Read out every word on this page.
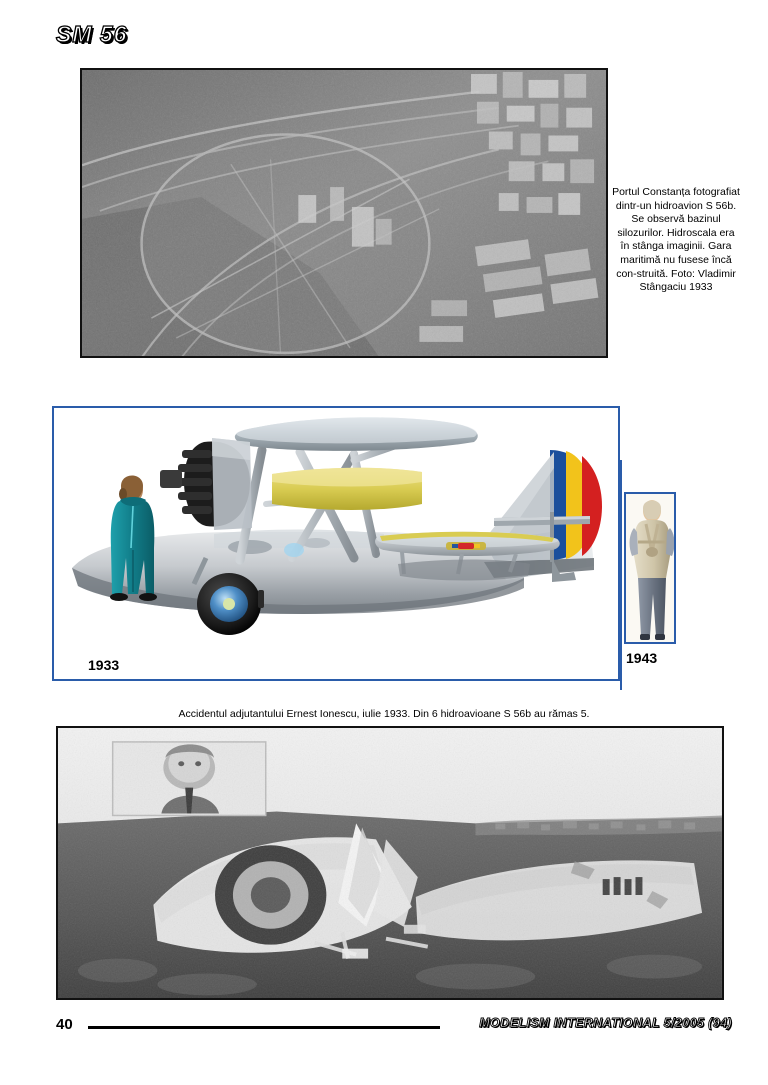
SM 56
Portul Constanța fotografiat dintr-un hidroavion S 56b. Se observă bazinul silozurilor. Hidroscala era în stânga imaginii. Gara maritimă nu fusese încă con-struită. Foto: Vladimir Stângaciu 1933
1933	1943
Accidentul adjutantului Ernest Ionescu, iulie 1933. Din 6 hidroavioane S 56b au rămas 5.
40	MODELISM INTERNATIONAL 5/2005 (94)
